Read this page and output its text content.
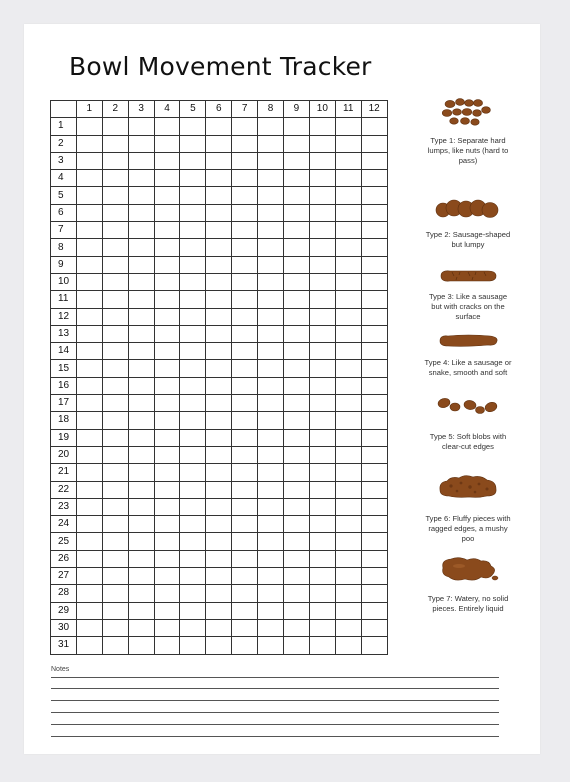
Bowl Movement Tracker
	1	2	3	4	5	6	7	8	9	10	11	12
1												
2												
3												
4												
5												
6												
7												
8												
9												
10												
11												
12												
13												
14												
15												
16												
17												
18												
19												
20												
21												
22												
23												
24												
25												
26												
27												
28												
29												
30												
31												
Type 1: Separate hard lumps, like nuts (hard to pass)
Type 2: Sausage-shaped but lumpy
Type 3: Like a sausage but with cracks on the surface
Type 4: Like a sausage or snake, smooth and soft
Type 5: Soft blobs with clear-cut edges
Type 6: Fluffy pieces with ragged edges, a mushy poo
Type 7: Watery, no solid pieces. Entirely liquid
Notes
